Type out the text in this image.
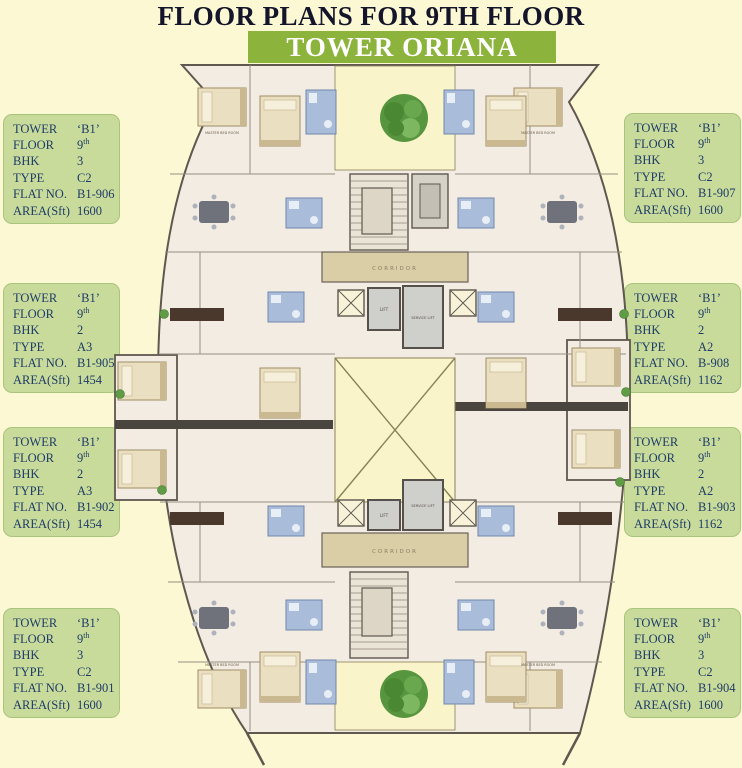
FLOOR PLANS FOR 9TH FLOOR
TOWER ORIANA
TOWER	‘B1’
FLOOR	9th
BHK	3
TYPE	C2
FLAT NO. B1-906
AREA(Sft) 1600
TOWER	‘B1’
FLOOR	9th
BHK	2
TYPE	A3
FLAT NO. B1-905
AREA(Sft) 1454
TOWER	‘B1’
FLOOR	9th
BHK	2
TYPE	A3
FLAT NO. B1-902
AREA(Sft) 1454
TOWER	‘B1’
FLOOR	9th
BHK	3
TYPE	C2
FLAT NO. B1-901
AREA(Sft) 1600
TOWER	‘B1’
FLOOR	9th
BHK	3
TYPE	C2
FLAT NO. B1-907
AREA(Sft) 1600
TOWER	‘B1’
FLOOR	9th
BHK	2
TYPE	A2
FLAT NO. B-908
AREA(Sft) 1162
TOWER	‘B1’
FLOOR	9th
BHK	2
TYPE	A2
FLAT NO. B1-903
AREA(Sft) 1162
TOWER	‘B1’
FLOOR	9th
BHK	3
TYPE	C2
FLAT NO. B1-904
AREA(Sft) 1600
CORRIDOR
LIFT
SERVICE LIFT
SERVICE LIFT
LIFT
CORRIDOR
MASTER BED ROOM	MASTER BED ROOM
MASTER BED ROOM	MASTER BED ROOM
